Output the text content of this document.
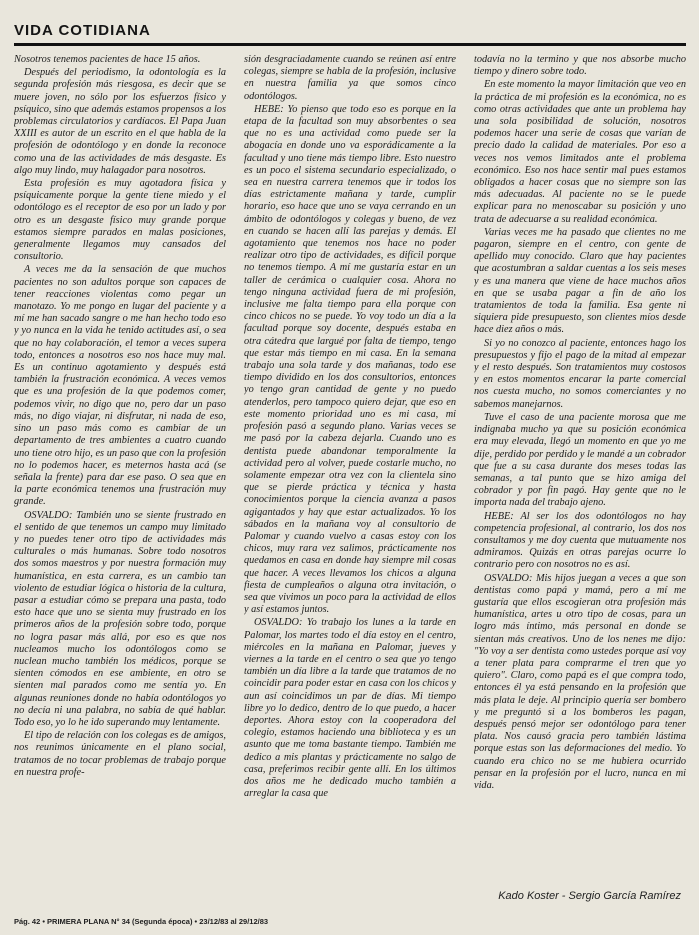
VIDA COTIDIANA

Nosotros tenemos pacientes de hace 15 años.

Después del periodismo, la odontología es la segunda profesión más riesgosa, es decir que se muere joven, no sólo por los esfuerzos físico y psíquico, sino que además estamos propensos a los problemas circulatorios y cardíacos. El Papa Juan XXIII es autor de un escrito en el que habla de la profesión de odontólogo y en donde la reconoce como una de las actividades de más desgaste. Es algo muy lindo, muy halagador para nosotros.

Esta profesión es muy agotadora física y psíquicamente porque la gente tiene miedo y el odontólogo es el receptor de eso por un lado y por otro es un desgaste físico muy grande porque estamos siempre parados en malas posiciones, generalmente llegamos muy cansados del consultorio.

A veces me da la sensación de que muchos pacientes no son adultos porque son capaces de tener reacciones violentas como pegar un manotazo. Yo me pongo en lugar del paciente y a mí me han sacado sangre o me han hecho todo eso y yo nunca en la vida he tenido actitudes así, o sea que no hay colaboración, el temor a veces supera todo, entonces a nosotros eso nos hace muy mal. Es un continuo agotamiento y después está también la frustración económica. A veces vemos que es una profesión de la que podemos comer, podemos vivir, no digo que no, pero dar un paso más, no digo viajar, ni disfrutar, ni nada de eso, sino un paso más como es cambiar de un departamento de tres ambientes a cuatro cuando uno tiene otro hijo, es un paso que con la profesión no lo podemos hacer, es meternos hasta acá (se señala la frente) para dar ese paso. O sea que en la parte económica tenemos una frustración muy grande.

OSVALDO: También uno se siente frustrado en el sentido de que tenemos un campo muy limitado y no puedes tener otro tipo de actividades más culturales o más humanas. Sobre todo nosotros dos somos maestros y por nuestra formación muy humanística, en esta carrera, es un cambio tan violento de estudiar lógica o historia de la cultura, pasar a estudiar cómo se prepara una pasta, todo esto hace que uno se sienta muy frustrado en los primeros años de la profesión sobre todo, porque no logra pasar más allá, por eso es que nos nucleamos mucho los odontólogos como se nuclean mucho también los médicos, porque se sienten cómodos en ese ambiente, en otro se sienten mal parados como me sentía yo. En algunas reuniones donde no había odontólogos yo no decía ni una palabra, no sabía de qué hablar. Todo eso, yo lo he ido superando muy lentamente.

El tipo de relación con los colegas es de amigos, nos reunimos únicamente en el plano social, tratamos de no tocar problemas de trabajo porque en nuestra profe-

sión desgraciadamente cuando se reúnen así entre colegas, siempre se habla de la profesión, inclusive en nuestra familia ya que somos cinco odontólogos.

HEBE: Yo pienso que todo eso es porque en la etapa de la facultad son muy absorbentes o sea que no es una actividad como puede ser la abogacía en donde uno va esporádicamente a la facultad y uno tiene más tiempo libre. Esto nuestro es un poco el sistema secundario especializado, o sea en nuestra carrera tenemos que ir todos los días estrictamente mañana y tarde, cumplir horario, eso hace que uno se vaya cerrando en un ámbito de odontólogos y colegas y bueno, de vez en cuando se hacen allí las parejas y demás. El agotamiento que tenemos nos hace no poder realizar otro tipo de actividades, es difícil porque no tenemos tiempo. A mí me gustaría estar en un taller de cerámica o cualquier cosa. Ahora no tengo ninguna actividad fuera de mi profesión, inclusive me falta tiempo para ella porque con cinco chicos no se puede. Yo voy todo un día a la facultad porque soy docente, después estaba en otra cátedra que largué por falta de tiempo, tengo que estar más tiempo en mi casa. En la semana trabajo una sola tarde y dos mañanas, todo ese tiempo dividido en los dos consultorios, entonces yo tengo gran cantidad de gente y no puedo atenderlos, pero tampoco quiero dejar, que eso en este momento prioridad uno es mi casa, mi profesión pasó a segundo plano. Varias veces se me pasó por la cabeza dejarla. Cuando uno es dentista puede abandonar temporalmente la actividad pero al volver, puede costarle mucho, no solamente empezar otra vez con la clientela sino que se pierde práctica y técnica y hasta conocimientos porque la ciencia avanza a pasos agigantados y hay que estar actualizados. Yo los sábados en la mañana voy al consultorio de Palomar y cuando vuelvo a casas estoy con los chicos, muy rara vez salimos, prácticamente nos quedamos en casa en donde hay siempre mil cosas que hacer. A veces llevamos los chicos a alguna fiesta de cumpleaños o alguna otra invitación, o sea que vivimos un poco para la actividad de ellos y así estamos juntos.

OSVALDO: Yo trabajo los lunes a la tarde en Palomar, los martes todo el día estoy en el centro, miércoles en la mañana en Palomar, jueves y viernes a la tarde en el centro o sea que yo tengo también un día libre a la tarde que tratamos de no coincidir para poder estar en casa con los chicos y aun así coincidimos un par de días. Mi tiempo libre yo lo dedico, dentro de lo que puedo, a hacer deportes. Ahora estoy con la cooperadora del colegio, estamos haciendo una biblioteca y es un asunto que me toma bastante tiempo. También me dedico a mis plantas y prácticamente no salgo de casa, preferimos recibir gente allí. En los últimos dos años me he dedicado mucho también a arreglar la casa que

todavía no la termino y que nos absorbe mucho tiempo y dinero sobre todo.

En este momento la mayor limitación que veo en la práctica de mi profesión es la económica, no es como otras actividades que ante un problema hay una sola posibilidad de solución, nosotros podemos hacer una serie de cosas que varían de precio dado la calidad de materiales. Por eso a veces nos vemos limitados ante el problema económico. Eso nos hace sentir mal pues estamos obligados a hacer cosas que no siempre son las más adecuadas. Al paciente no se le puede explicar para no menoscabar su posición y uno trata de adecuarse a su realidad económica.

Varias veces me ha pasado que clientes no me pagaron, siempre en el centro, con gente de apellido muy conocido. Claro que hay pacientes que acostumbran a saldar cuentas a los seis meses y es una manera que viene de hace muchos años en que se usaba pagar a fin de año los tratamientos de toda la familia. Esa gente ni siquiera pide presupuesto, son clientes míos desde hace diez años o más.

Si yo no conozco al paciente, entonces hago los presupuestos y fijo el pago de la mitad al empezar y el resto después. Son tratamientos muy costosos y en estos momentos encarar la parte comercial nos cuesta mucho, no somos comerciantes y no sabemos manejarnos.

Tuve el caso de una paciente morosa que me indignaba mucho ya que su posición económica era muy elevada, llegó un momento en que yo me dije, perdido por perdido y le mandé a un cobrador que fue a su casa durante dos meses todas las semanas, a tal punto que se hizo amiga del cobrador y por fin pagó. Hay gente que no le importa nada del trabajo ajeno.

HEBE: Al ser los dos odontólogos no hay competencia profesional, al contrario, los dos nos consultamos y me doy cuenta que mutuamente nos admiramos. Quizás en otras parejas ocurre lo contrario pero con nosotros no es así.

OSVALDO: Mis hijos juegan a veces a que son dentistas como papá y mamá, pero a mí me gustaría que ellos escogieran otra profesión más humanística, artes u otro tipo de cosas, para un logro más íntimo, más personal en donde se sientan más creativos. Uno de los nenes me dijo: "Yo voy a ser dentista como ustedes porque así voy a tener plata para comprarme el tren que yo quiero". Claro, como papá es el que compra todo, entonces él ya está pensando en la profesión que más plata le deje. Al principio quería ser bombero y me preguntó si a los bomberos les pagan, después pensó mejor ser odontólogo para tener plata. Nos causó gracia pero también lástima porque estas son las deformaciones del medio. Yo cuando era chico no se me hubiera ocurrido pensar en la profesión por el lucro, nunca en mi vida.

Kado Koster - Sergio García Ramírez
Pág. 42 • PRIMERA PLANA N° 34 (Segunda época) • 23/12/83 al 29/12/83
